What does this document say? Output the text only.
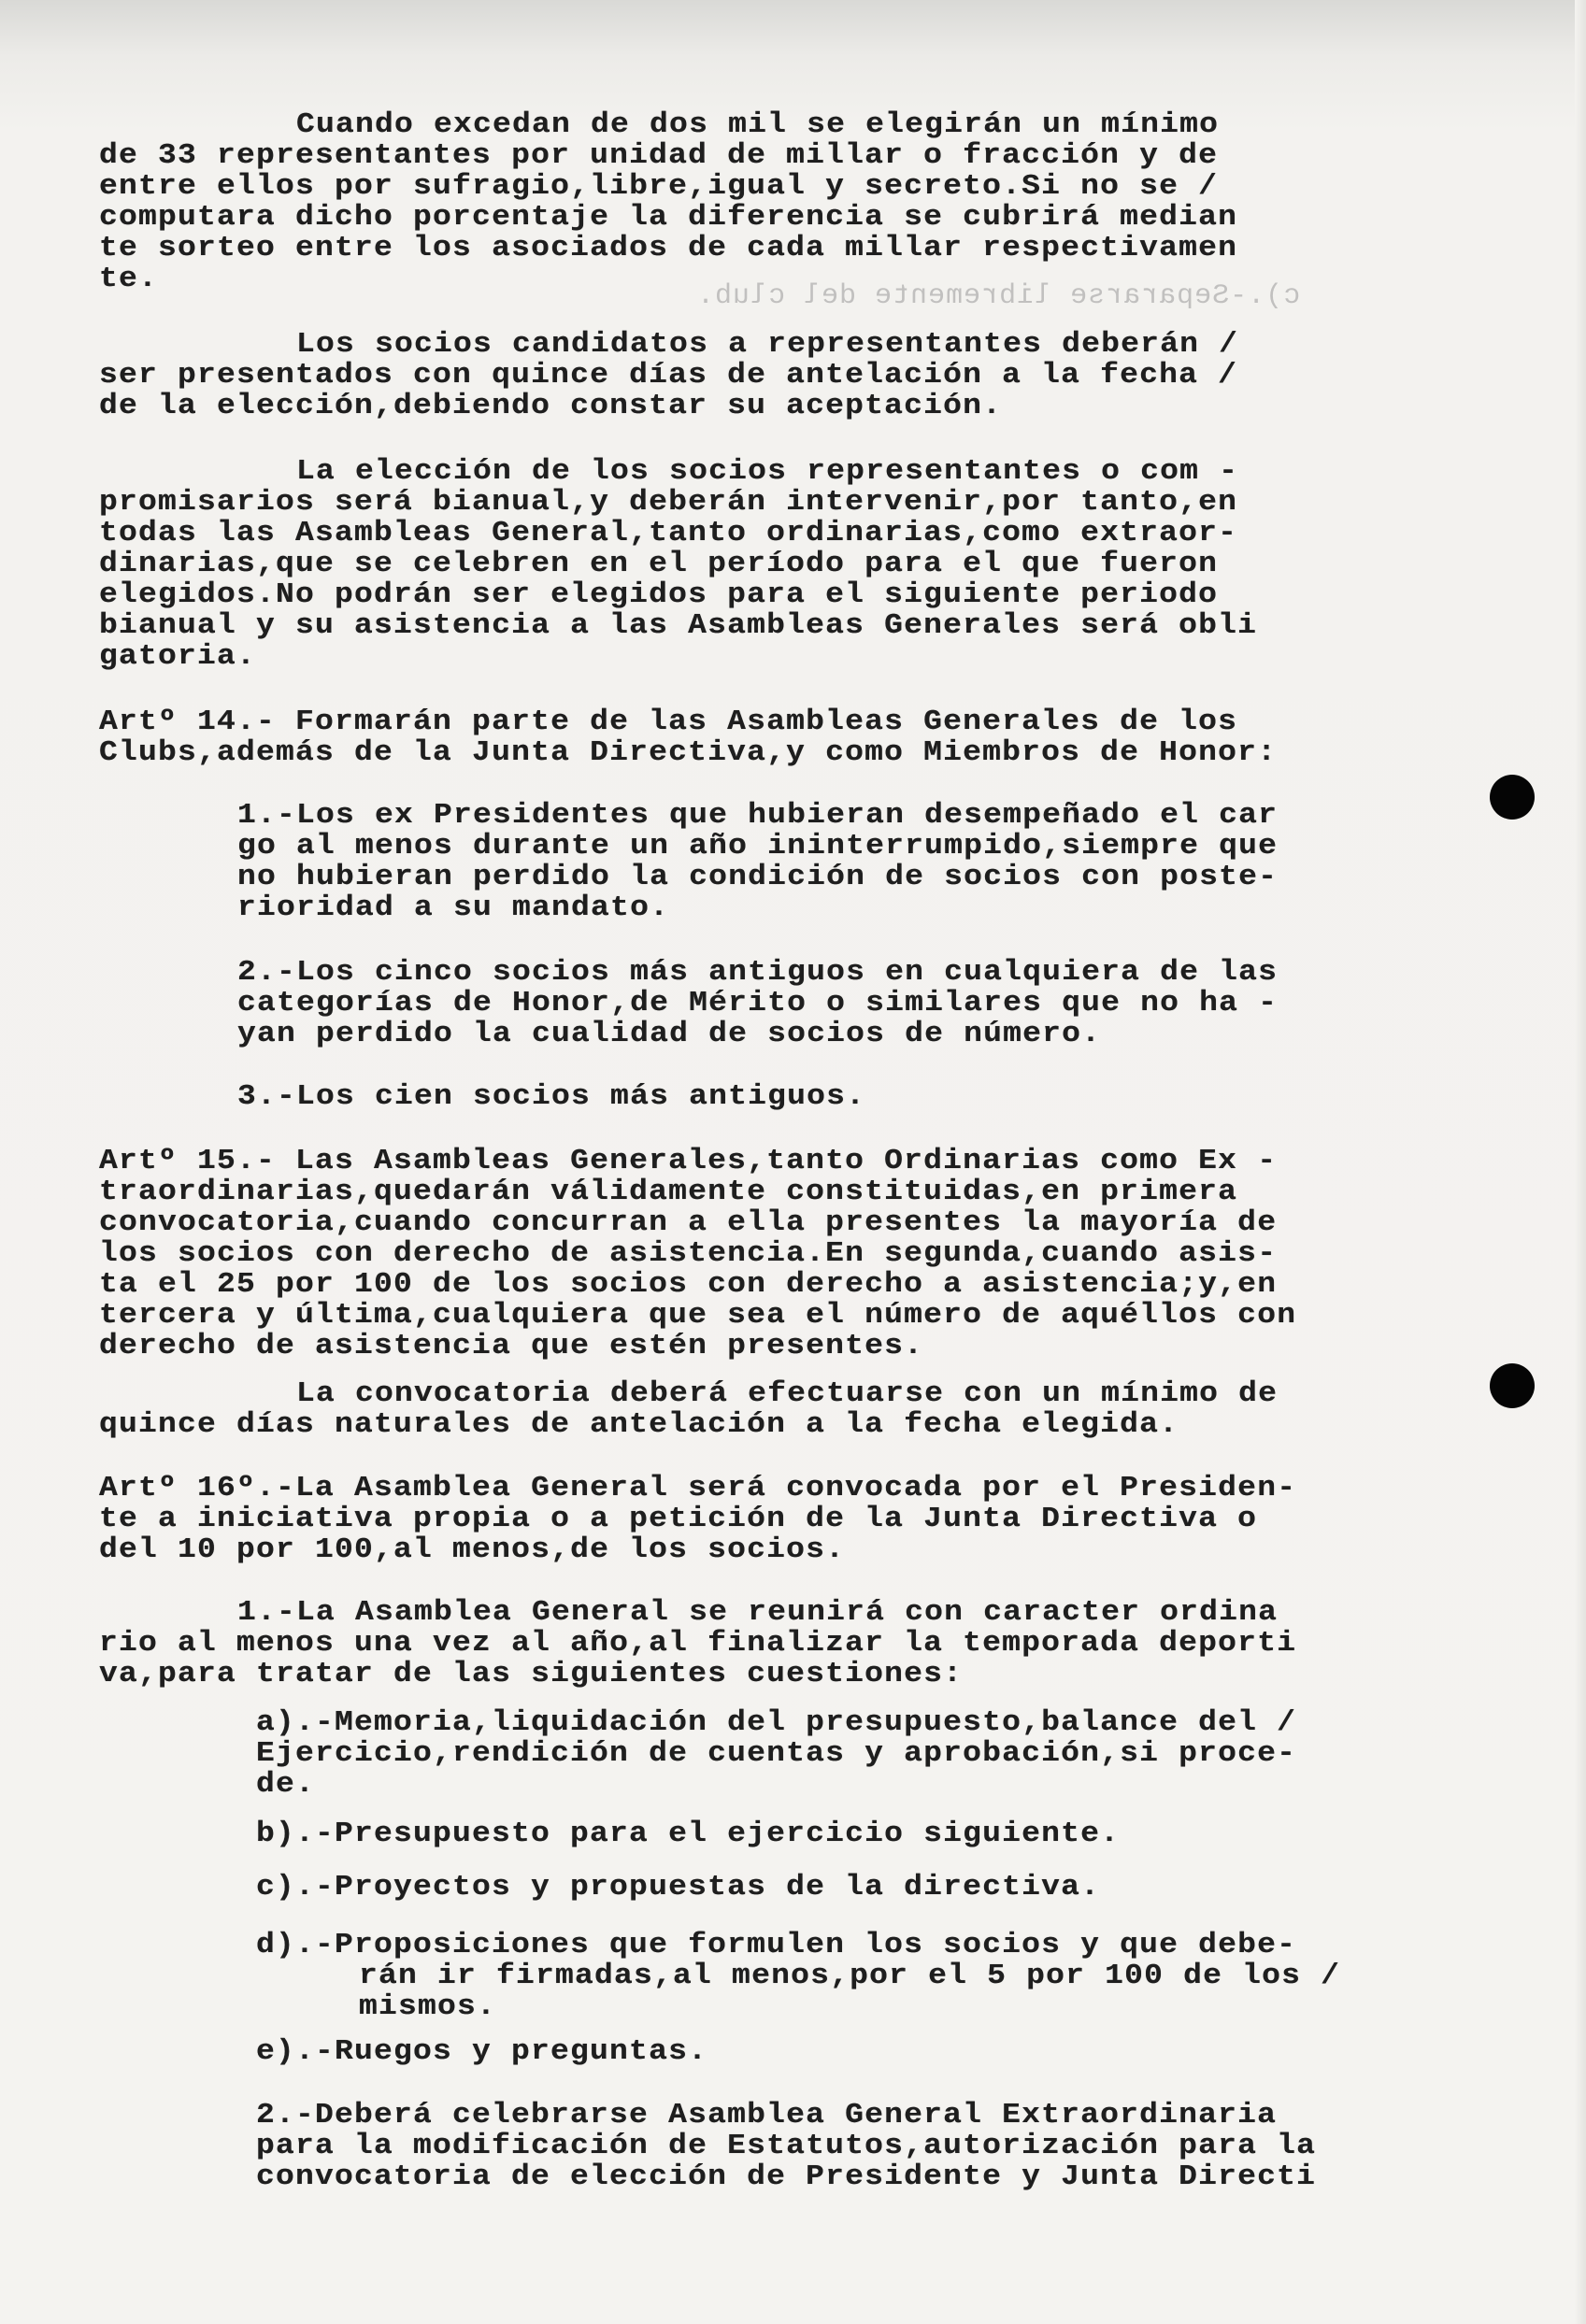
c).-Separarse libremente del club.
Cuando excedan de dos mil se elegirán un mínimo
de 33 representantes por unidad de millar o fracción y de
entre ellos por sufragio,libre,igual y secreto.Si no se /
computara dicho porcentaje la diferencia se cubrirá median
te sorteo entre los asociados de cada millar respectivamen
te.
Los socios candidatos a representantes deberán /
ser presentados con quince días de antelación a la fecha /
de la elección,debiendo constar su aceptación.
La elección de los socios representantes o com -
promisarios será bianual,y deberán intervenir,por tanto,en
todas las Asambleas General,tanto ordinarias,como extraor-
dinarias,que se celebren en el período para el que fueron
elegidos.No podrán ser elegidos para el siguiente periodo
bianual y su asistencia a las Asambleas Generales será obli
gatoria.
Artº 14.- Formarán parte de las Asambleas Generales de los
Clubs,además de la Junta Directiva,y como Miembros de Honor:
1.-Los ex Presidentes que hubieran desempeñado el car
go al menos durante un año ininterrumpido,siempre que
no hubieran perdido la condición de socios con poste-
rioridad a su mandato.
2.-Los cinco socios más antiguos en cualquiera de las
categorías de Honor,de Mérito o similares que no ha -
yan perdido la cualidad de socios de número.
3.-Los cien socios más antiguos.
Artº 15.- Las Asambleas Generales,tanto Ordinarias como Ex -
traordinarias,quedarán válidamente constituidas,en primera
convocatoria,cuando concurran a ella presentes la mayoría de
los socios con derecho de asistencia.En segunda,cuando asis-
ta el 25 por 100 de los socios con derecho a asistencia;y,en
tercera y última,cualquiera que sea el número de aquéllos con
derecho de asistencia que estén presentes.
La convocatoria deberá efectuarse con un mínimo de
quince días naturales de antelación a la fecha elegida.
Artº 16º.-La Asamblea General será convocada por el Presiden-
te a iniciativa propia o a petición de la Junta Directiva o
del 10 por 100,al menos,de los socios.
1.-La Asamblea General se reunirá con caracter ordina
rio al menos una vez al año,al finalizar la temporada deporti
va,para tratar de las siguientes cuestiones:
a).-Memoria,liquidación del presupuesto,balance del /
Ejercicio,rendición de cuentas y aprobación,si proce-
de.
b).-Presupuesto para el ejercicio siguiente.
c).-Proyectos y propuestas de la directiva.
d).-Proposiciones que formulen los socios y que debe-
rán ir firmadas,al menos,por el 5 por 100 de los /
mismos.
e).-Ruegos y preguntas.
2.-Deberá celebrarse Asamblea General Extraordinaria
para la modificación de Estatutos,autorización para la
convocatoria de elección de Presidente y Junta Directi
